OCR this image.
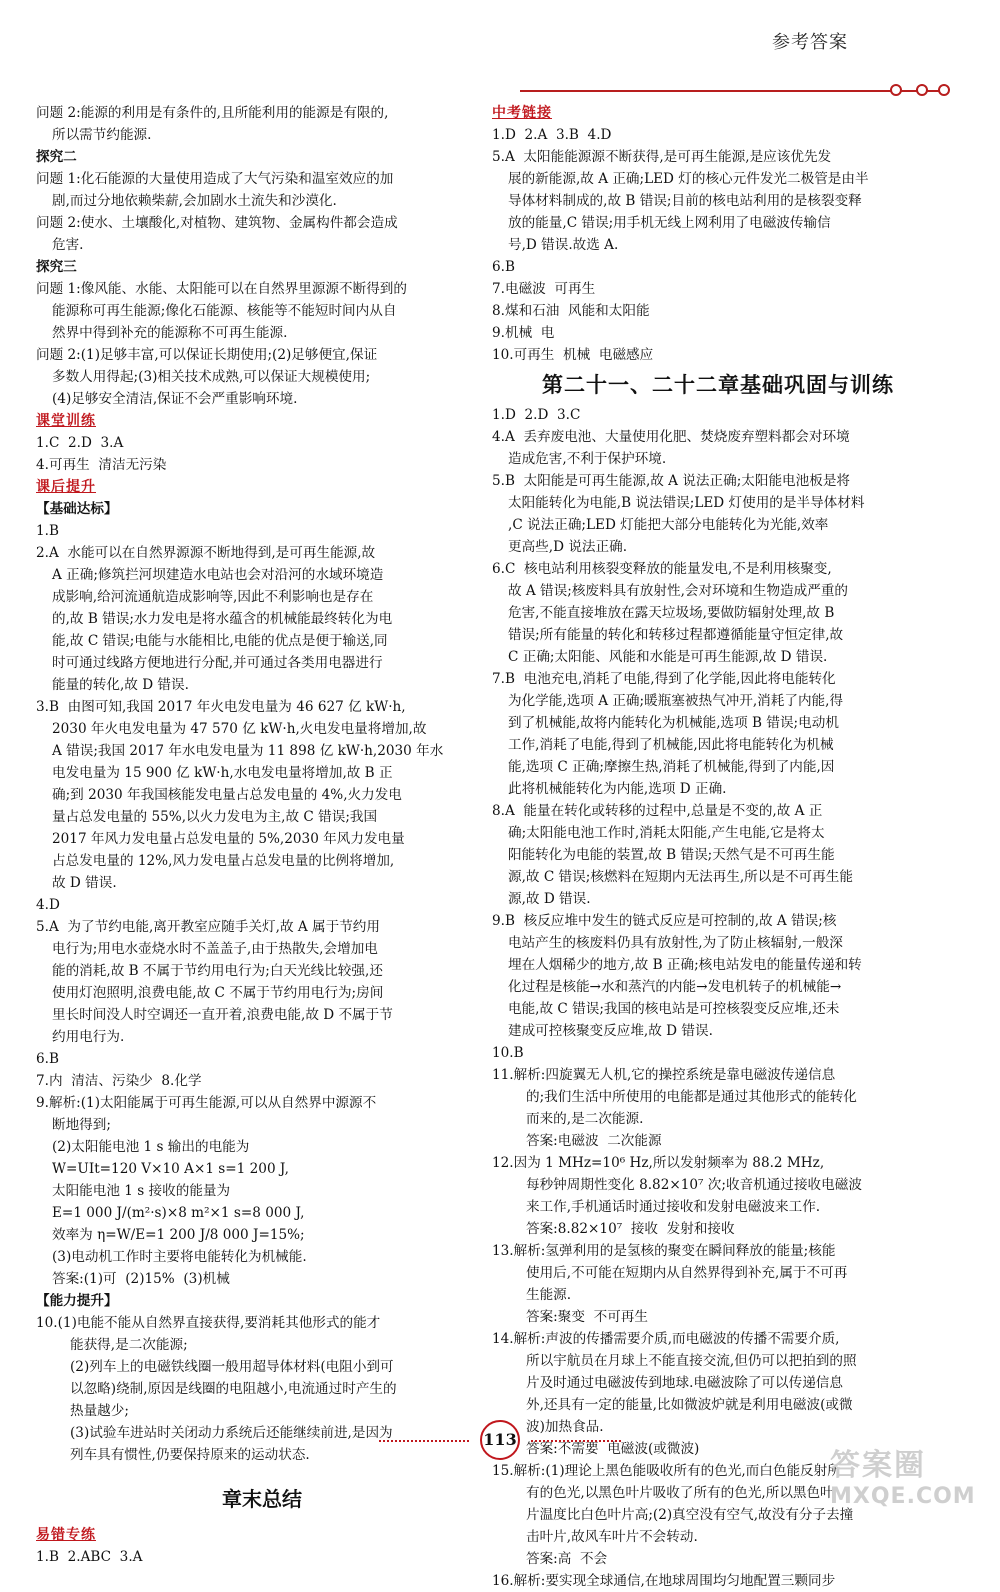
参考答案
问题 2:能源的利用是有条件的,且所能利用的能源是有限的,
所以需节约能源.
探究二
问题 1:化石能源的大量使用造成了大气污染和温室效应的加
剧,而过分地依赖柴薪,会加剧水土流失和沙漠化.
问题 2:使水、土壤酸化,对植物、建筑物、金属构件都会造成
危害.
探究三
问题 1:像风能、水能、太阳能可以在自然界里源源不断得到的
能源称可再生能源;像化石能源、核能等不能短时间内从自
然界中得到补充的能源称不可再生能源.
问题 2:(1)足够丰富,可以保证长期使用;(2)足够便宜,保证
多数人用得起;(3)相关技术成熟,可以保证大规模使用;
(4)足够安全清洁,保证不会严重影响环境.
课堂训练
1.C  2.D  3.A
4.可再生  清洁无污染
课后提升
【基础达标】
1.B
2.A  水能可以在自然界源源不断地得到,是可再生能源,故
A 正确;修筑拦河坝建造水电站也会对沿河的水域环境造
成影响,给河流通航造成影响等,因此不利影响也是存在
的,故 B 错误;水力发电是将水蕴含的机械能最终转化为电
能,故 C 错误;电能与水能相比,电能的优点是便于输送,同
时可通过线路方便地进行分配,并可通过各类用电器进行
能量的转化,故 D 错误.
3.B  由图可知,我国 2017 年火电发电量为 46 627 亿 kW·h,
2030 年火电发电量为 47 570 亿 kW·h,火电发电量将增加,故
A 错误;我国 2017 年水电发电量为 11 898 亿 kW·h,2030 年水
电发电量为 15 900 亿 kW·h,水电发电量将增加,故 B 正
确;到 2030 年我国核能发电量占总发电量的 4%,火力发电
量占总发电量的 55%,以火力发电为主,故 C 错误;我国
2017 年风力发电量占总发电量的 5%,2030 年风力发电量
占总发电量的 12%,风力发电量占总发电量的比例将增加,
故 D 错误.
4.D
5.A  为了节约电能,离开教室应随手关灯,故 A 属于节约用
电行为;用电水壶烧水时不盖盖子,由于热散失,会增加电
能的消耗,故 B 不属于节约用电行为;白天光线比较强,还
使用灯泡照明,浪费电能,故 C 不属于节约用电行为;房间
里长时间没人时空调还一直开着,浪费电能,故 D 不属于节
约用电行为.
6.B
7.内  清洁、污染少  8.化学
9.解析:(1)太阳能属于可再生能源,可以从自然界中源源不
断地得到;
(2)太阳能电池 1 s 输出的电能为
W=UIt=120 V×10 A×1 s=1 200 J,
太阳能电池 1 s 接收的能量为
E=1 000 J/(m²·s)×8 m²×1 s=8 000 J,
效率为 η=W/E=1 200 J/8 000 J=15%;
(3)电动机工作时主要将电能转化为机械能.
答案:(1)可  (2)15%  (3)机械
【能力提升】
10.(1)电能不能从自然界直接获得,要消耗其他形式的能才
能获得,是二次能源;
(2)列车上的电磁铁线圈一般用超导体材料(电阻小到可
以忽略)绕制,原因是线圈的电阻越小,电流通过时产生的
热量越少;
(3)试验车进站时关闭动力系统后还能继续前进,是因为
列车具有惯性,仍要保持原来的运动状态.
章末总结
易错专练
1.B  2.ABC  3.A
中考链接
1.D  2.A  3.B  4.D
5.A  太阳能能源源不断获得,是可再生能源,是应该优先发
展的新能源,故 A 正确;LED 灯的核心元件发光二极管是由半
导体材料制成的,故 B 错误;目前的核电站利用的是核裂变释
放的能量,C 错误;用手机无线上网利用了电磁波传输信
号,D 错误.故选 A.
6.B
7.电磁波  可再生
8.煤和石油  风能和太阳能
9.机械  电
10.可再生  机械  电磁感应
第二十一、二十二章基础巩固与训练
1.D  2.D  3.C
4.A  丢弃废电池、大量使用化肥、焚烧废弃塑料都会对环境
造成危害,不利于保护环境.
5.B  太阳能是可再生能源,故 A 说法正确;太阳能电池板是将
太阳能转化为电能,B 说法错误;LED 灯使用的是半导体材料
,C 说法正确;LED 灯能把大部分电能转化为光能,效率
更高些,D 说法正确.
6.C  核电站利用核裂变释放的能量发电,不是利用核聚变,
故 A 错误;核废料具有放射性,会对环境和生物造成严重的
危害,不能直接堆放在露天垃圾场,要做防辐射处理,故 B
错误;所有能量的转化和转移过程都遵循能量守恒定律,故
C 正确;太阳能、风能和水能是可再生能源,故 D 错误.
7.B  电池充电,消耗了电能,得到了化学能,因此将电能转化
为化学能,选项 A 正确;暖瓶塞被热气冲开,消耗了内能,得
到了机械能,故将内能转化为机械能,选项 B 错误;电动机
工作,消耗了电能,得到了机械能,因此将电能转化为机械
能,选项 C 正确;摩擦生热,消耗了机械能,得到了内能,因
此将机械能转化为内能,选项 D 正确.
8.A  能量在转化或转移的过程中,总量是不变的,故 A 正
确;太阳能电池工作时,消耗太阳能,产生电能,它是将太
阳能转化为电能的装置,故 B 错误;天然气是不可再生能
源,故 C 错误;核燃料在短期内无法再生,所以是不可再生能
源,故 D 错误.
9.B  核反应堆中发生的链式反应是可控制的,故 A 错误;核
电站产生的核废料仍具有放射性,为了防止核辐射,一般深
埋在人烟稀少的地方,故 B 正确;核电站发电的能量传递和转
化过程是核能→水和蒸汽的内能→发电机转子的机械能→
电能,故 C 错误;我国的核电站是可控核裂变反应堆,还未
建成可控核聚变反应堆,故 D 错误.
10.B
11.解析:四旋翼无人机,它的操控系统是靠电磁波传递信息
的;我们生活中所使用的电能都是通过其他形式的能转化
而来的,是二次能源.
答案:电磁波  二次能源
12.因为 1 MHz=10⁶ Hz,所以发射频率为 88.2 MHz,
每秒钟周期性变化 8.82×10⁷ 次;收音机通过接收电磁波
来工作,手机通话时通过接收和发射电磁波来工作.
答案:8.82×10⁷  接收  发射和接收
13.解析:氢弹利用的是氢核的聚变在瞬间释放的能量;核能
使用后,不可能在短期内从自然界得到补充,属于不可再
生能源.
答案:聚变  不可再生
14.解析:声波的传播需要介质,而电磁波的传播不需要介质,
所以宇航员在月球上不能直接交流,但仍可以把拍到的照
片及时通过电磁波传到地球.电磁波除了可以传递信息
外,还具有一定的能量,比如微波炉就是利用电磁波(或微
波)加热食品.
答案:不需要  电磁波(或微波)
15.解析:(1)理论上黑色能吸收所有的色光,而白色能反射所
有的色光,以黑色叶片吸收了所有的色光,所以黑色叶
片温度比白色叶片高;(2)真空没有空气,故没有分子去撞
击叶片,故风车叶片不会转动.
答案:高  不会
16.解析:要实现全球通信,在地球周围均匀地配置三颗同步
113
答案圈
MXQE.COM
